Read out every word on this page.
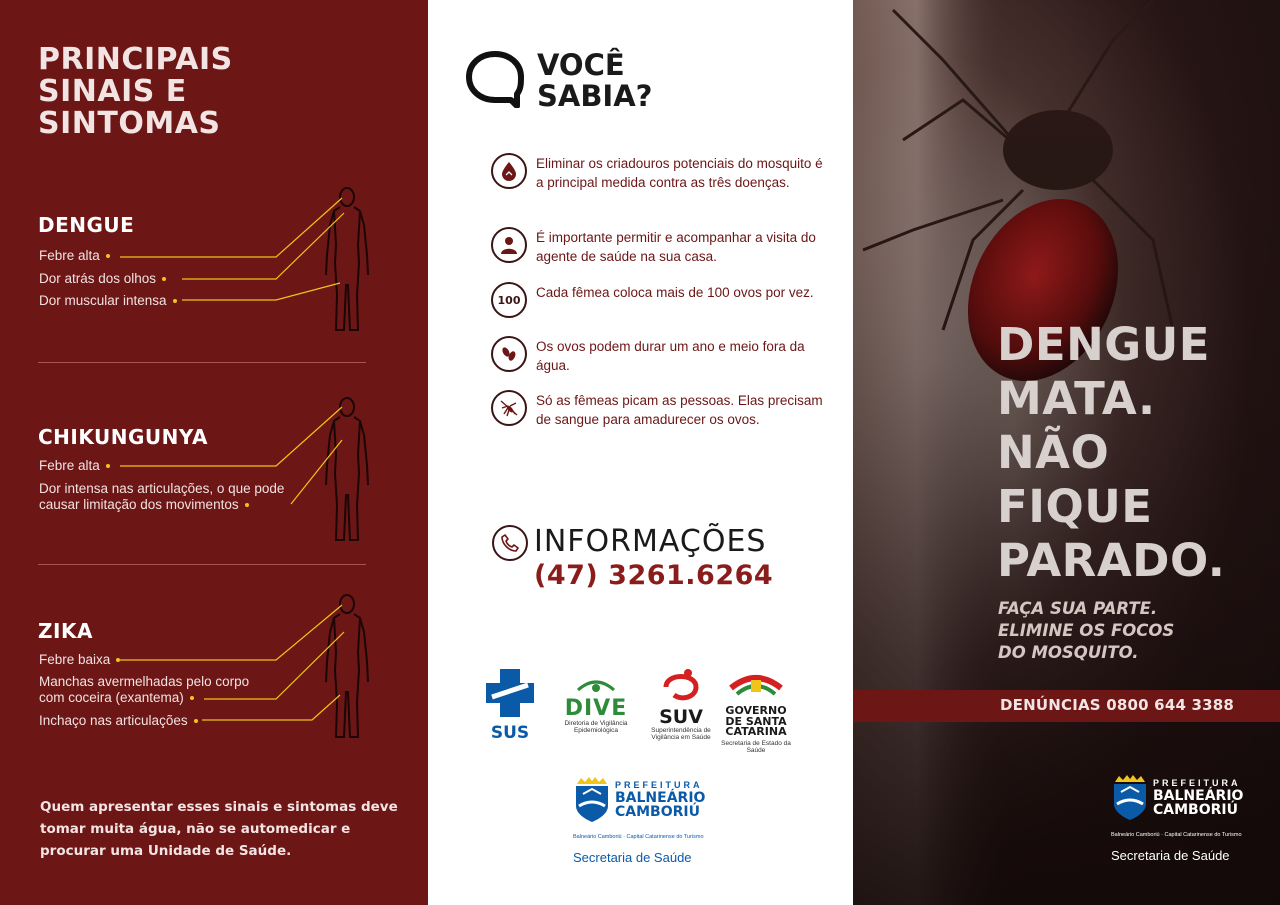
PRINCIPAIS SINAIS E SINTOMAS
DENGUE
Febre alta
Dor atrás dos olhos
Dor muscular intensa
CHIKUNGUNYA
Febre alta
Dor intensa nas articulações, o que pode causar limitação dos movimentos
ZIKA
Febre baixa
Manchas avermelhadas pelo corpo com coceira (exantema)
Inchaço nas articulações
Quem apresentar esses sinais e sintomas deve tomar muita água, não se automedicar e procurar uma Unidade de Saúde.
VOCÊ
SABIA?
Eliminar os criadouros potenciais do mosquito é a principal medida contra as três doenças.
É importante permitir e acompanhar a visita do agente de saúde na sua casa.
100	Cada fêmea coloca mais de 100 ovos por vez.
Os ovos podem durar um ano e meio fora da água.
Só as fêmeas picam as pessoas. Elas precisam de sangue para amadurecer os ovos.
INFORMAÇÕES
(47) 3261.6264
SUS
DIVE
Diretoria de Vigilância Epidemiológica
SUV
Superintendência de Vigilância em Saúde
GOVERNO DE SANTA CATARINA
Secretaria de Estado da Saúde
PREFEITURA
BALNEÁRIO
CAMBORIÚ
Balneário Camboriú · Capital Catarinense do Turismo
Secretaria de Saúde
DENGUE
MATA.
NÃO
FIQUE
PARADO.
FAÇA SUA PARTE.
ELIMINE OS FOCOS
DO MOSQUITO.
DENÚNCIAS 0800 644 3388
PREFEITURA
BALNEÁRIO
CAMBORIÚ
Balneário Camboriú · Capital Catarinense do Turismo
Secretaria de Saúde
